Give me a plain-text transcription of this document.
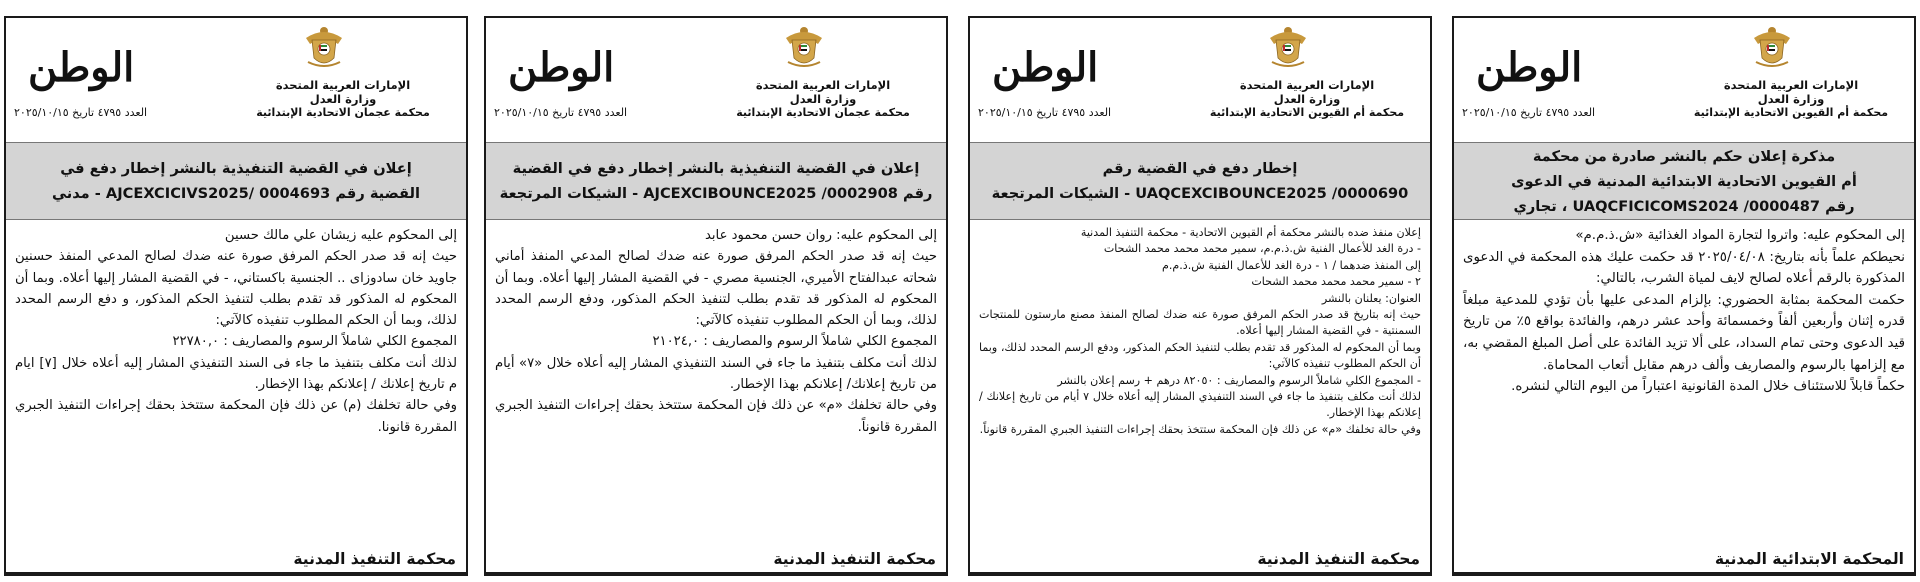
الإمارات العربية المتحدة
وزارة العدل
محكمة أم القيوين الاتحادية الإبتدائية
الوطن
العدد ٤٧٩٥ تاريخ ٢٠٢٥/١٠/١٥
مذكرة إعلان حكم بالنشر صادرة من محكمة
أم القيوين الاتحادية الابتدائية المدنية في الدعوى
رقم UAQCFICICOMS2024 /0000487 ، تجاري

إلى المحكوم عليه: واتروا لتجارة المواد الغذائية «ش.ذ.م.م»

نحيطكم علماً بأنه بتاريخ: ٢٠٢٥/٠٤/٠٨ قد حكمت عليك هذه المحكمة في الدعوى المذكورة بالرقم أعلاه لصالح لايف لمياة الشرب، بالتالي:

حكمت المحكمة بمثابة الحضوري: بإلزام المدعى عليها بأن تؤدي للمدعية مبلغاً قدره إثنان وأربعين ألفاً وخمسمائة وأحد عشر درهم، والفائدة بواقع ٥٪ من تاريخ قيد الدعوى وحتى تمام السداد، على ألا تزيد الفائدة على أصل المبلغ المقضي به، مع إلزامها بالرسوم والمصاريف وألف درهم مقابل أتعاب المحاماة.

حكماً قابلاً للاستئناف خلال المدة القانونية اعتباراً من اليوم التالي لنشره.

المحكمة الابتدائية المدنية
الإمارات العربية المتحدة
وزارة العدل
محكمة أم القيوين الاتحادية الإبتدائية
الوطن
العدد ٤٧٩٥ تاريخ ٢٠٢٥/١٠/١٥
إخطار دفع في القضية رقم
UAQCEXCIBOUNCE2025 /0000690 - الشيكات المرتجعة

إعلان منفذ ضده بالنشر محكمة أم القيوين الاتحادية - محكمة التنفيذ المدنية

- درة الغد للأعمال الفنية ش.ذ.م.م، سمير محمد محمد محمد الشحات

إلى المنفذ ضدهما / ١ - درة الغد للأعمال الفنية ش.ذ.م.م

٢ - سمير محمد محمد محمد الشحات

العنوان: يعلنان بالنشر

حيث إنه بتاريخ قد صدر الحكم المرفق صورة عنه ضدك لصالح المنفذ مصنع مارستون للمنتجات السمنتية - في القضية المشار إليها أعلاه.

وبما أن المحكوم له المذكور قد تقدم بطلب لتنفيذ الحكم المذكور، ودفع الرسم المحدد لذلك، وبما أن الحكم المطلوب تنفيذه كالآتي:

- المجموع الكلي شاملاً الرسوم والمصاريف : ٨٢٠٥٠ درهم + رسم إعلان بالنشر

لذلك أنت مكلف بتنفيذ ما جاء في السند التنفيذي المشار إليه أعلاه خلال ٧ أيام من تاريخ إعلانك / إعلانكم بهذا الإخطار.

وفي حالة تخلفك «م» عن ذلك فإن المحكمة ستتخذ بحقك إجراءات التنفيذ الجبري المقررة قانوناً.

محكمة التنفيذ المدنية
الإمارات العربية المتحدة
وزارة العدل
محكمة عجمان الاتحادية الإبتدائية
الوطن
العدد ٤٧٩٥ تاريخ ٢٠٢٥/١٠/١٥
إعلان في القضية التنفيذية بالنشر إخطار دفع في القضية
رقم AJCEXCIBOUNCE2025 /0002908 - الشيكات المرتجعة

إلى المحكوم عليه: روان حسن محمود عابد

حيث إنه قد صدر الحكم المرفق صورة عنه ضدك لصالح المدعي المنفذ أماني شحاته عبدالفتاح الأميري، الجنسية مصري - في القضية المشار إليها أعلاه. وبما أن المحكوم له المذكور قد تقدم بطلب لتنفيذ الحكم المذكور، ودفع الرسم المحدد لذلك، وبما أن الحكم المطلوب تنفيذه كالآتي:

المجموع الكلي شاملاً الرسوم والمصاريف : ٢١٠٢٤,٠

لذلك أنت مكلف بتنفيذ ما جاء في السند التنفيذي المشار إليه أعلاه خلال «٧» أيام من تاريخ إعلانك/ إعلانكم بهذا الإخطار.

وفي حالة تخلفك «م» عن ذلك فإن المحكمة ستتخذ بحقك إجراءات التنفيذ الجبري المقررة قانوناً.

محكمة التنفيذ المدنية
الإمارات العربية المتحدة
وزارة العدل
محكمة عجمان الاتحادية الإبتدائية
الوطن
العدد ٤٧٩٥ تاريخ ٢٠٢٥/١٠/١٥
إعلان في القضية التنفيذية بالنشر إخطار دفع في
القضية رقم AJCEXCICIVS2025/ 0004693 - مدني

إلى المحكوم عليه زيشان علي مالك حسين

حيث إنه قد صدر الحكم المرفق صورة عنه ضدك لصالح المدعي المنفذ حسنين جاويد خان سادوزاى .. الجنسية باكستاني، - في القضية المشار إليها أعلاه. وبما أن المحكوم له المذكور قد تقدم بطلب لتنفيذ الحكم المذكور، و دفع الرسم المحدد لذلك، وبما أن الحكم المطلوب تنفيذه كالآتي:

المجموع الكلي شاملاً الرسوم والمصاريف : ٢٢٧٨٠,٠

لذلك أنت مكلف بتنفيذ ما جاء فى السند التنفيذي المشار إليه أعلاه خلال [٧] ايام م تاريخ إعلانك / إعلانكم بهذا الإخطار.

وفي حالة تخلفك (م) عن ذلك فإن المحكمة ستتخذ بحقك إجراءات التنفيذ الجبري المقررة قانونا.

محكمة التنفيذ المدنية
